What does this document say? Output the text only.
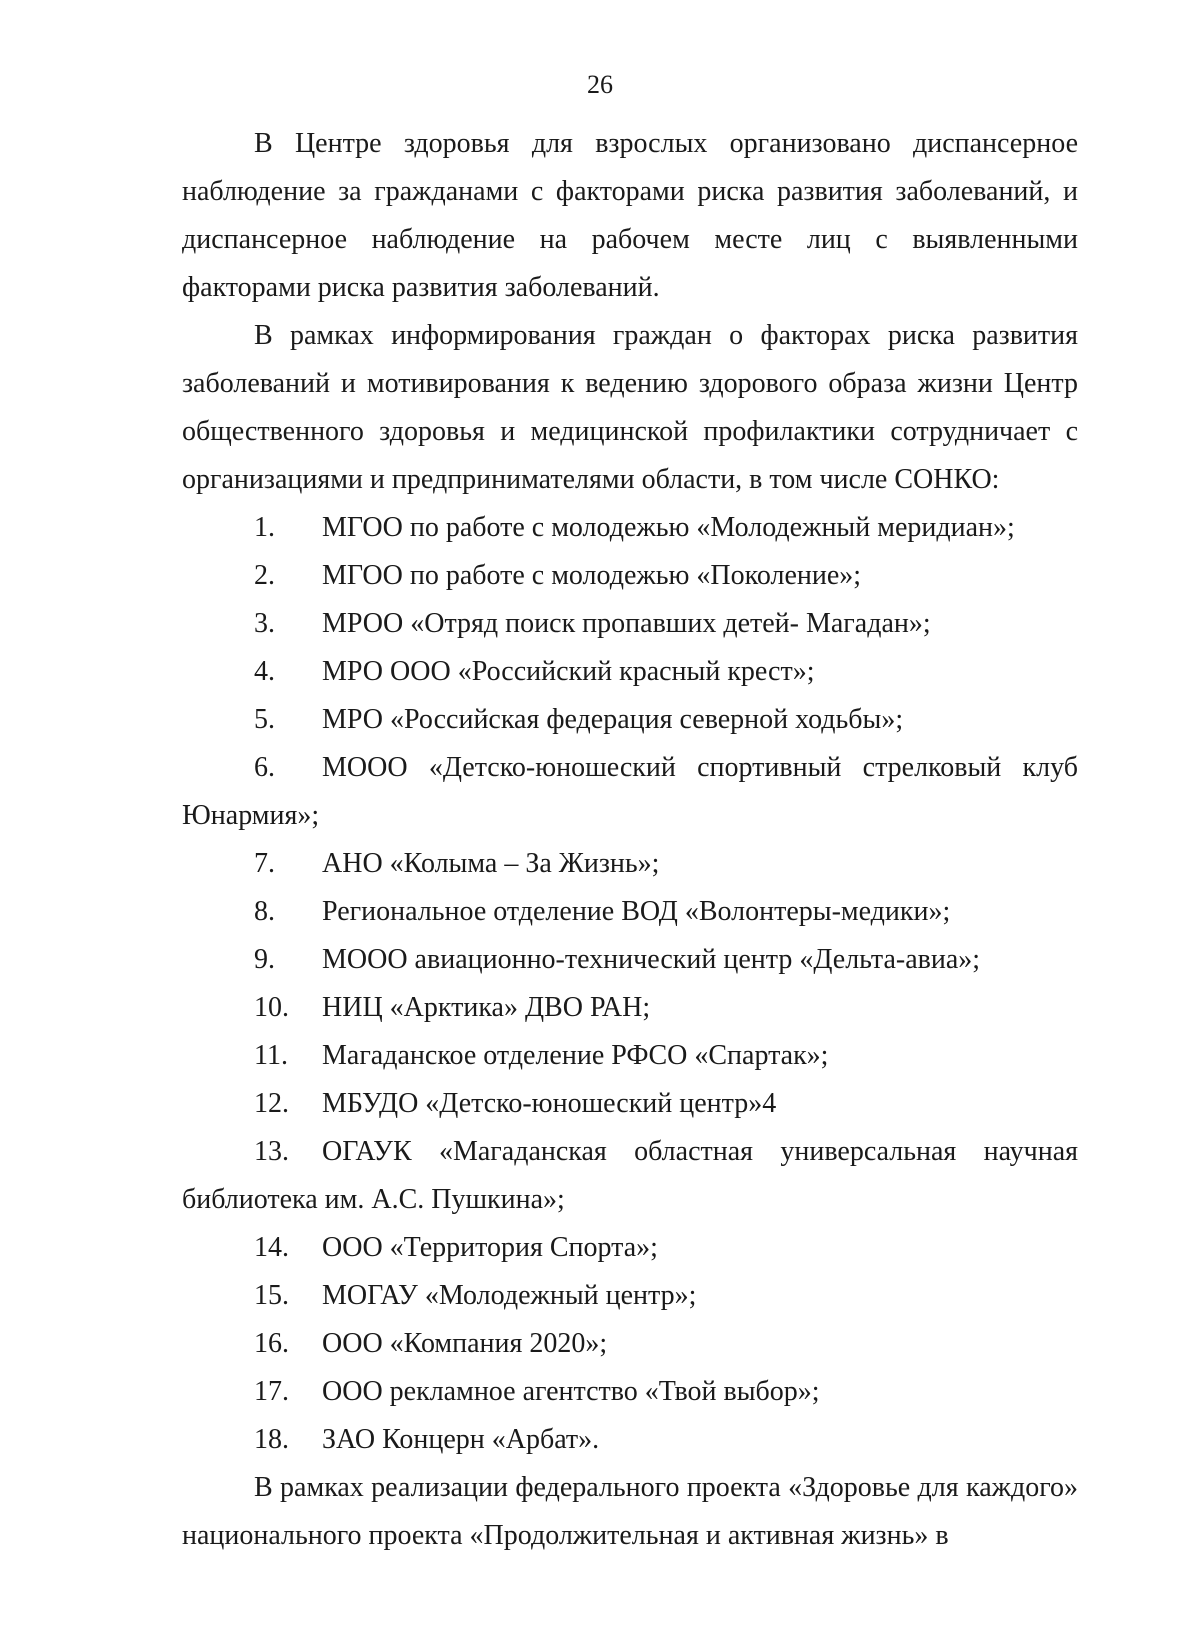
26

В Центре здоровья для взрослых организовано диспансерное наблюдение за гражданами с факторами риска развития заболеваний, и диспансерное наблюдение на рабочем месте лиц с выявленными факторами риска развития заболеваний.

В рамках информирования граждан о факторах риска развития заболеваний и мотивирования к ведению здорового образа жизни Центр общественного здоровья и медицинской профилактики сотрудничает с организациями и предпринимателями области, в том числе СОНКО:

1. МГОО по работе с молодежью «Молодежный меридиан»;
2. МГОО по работе с молодежью «Поколение»;
3. МРОО «Отряд поиск пропавших детей- Магадан»;
4. МРО ООО «Российский красный крест»;
5. МРО «Российская федерация северной ходьбы»;
6. МООО «Детско-юношеский спортивный стрелковый клуб Юнармия»;
7. АНО «Колыма – За Жизнь»;
8. Региональное отделение ВОД «Волонтеры-медики»;
9. МООО авиационно-технический центр «Дельта-авиа»;
10. НИЦ «Арктика» ДВО РАН;
11. Магаданское отделение РФСО «Спартак»;
12. МБУДО «Детско-юношеский центр»4
13. ОГАУК «Магаданская областная универсальная научная библиотека им. А.С. Пушкина»;
14. ООО «Территория Спорта»;
15. МОГАУ «Молодежный центр»;
16. ООО «Компания 2020»;
17. ООО рекламное агентство «Твой выбор»;
18. ЗАО Концерн «Арбат».

В рамках реализации федерального проекта «Здоровье для каждого» национального проекта «Продолжительная и активная жизнь» в
